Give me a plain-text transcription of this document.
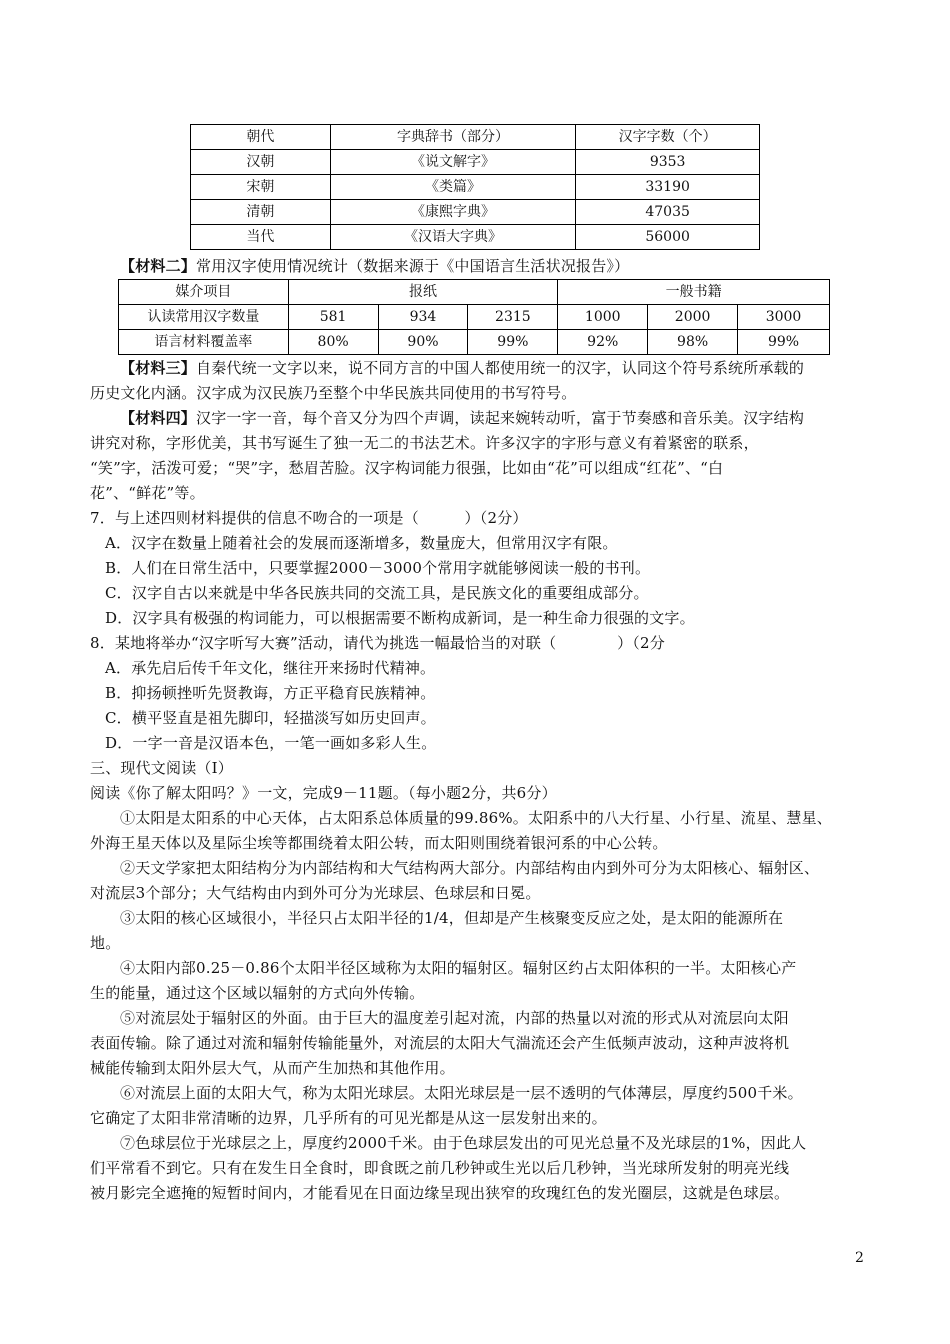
朝代	字典辞书（部分）	汉字字数（个）
汉朝	《说文解字》	9353
宋朝	《类篇》	33190
清朝	《康熙字典》	47035
当代	《汉语大字典》	56000
【材料二】常用汉字使用情况统计（数据来源于《中国语言生活状况报告》）
媒介项目	报纸			一般书籍		
认读常用汉字数量	581	934	2315	1000	2000	3000
语言材料覆盖率	80%	90%	99%	92%	98%	99%
【材料三】自秦代统一文字以来，说不同方言的中国人都使用统一的汉字，认同这个符号系统所承载的
历史文化内涵。汉字成为汉民族乃至整个中华民族共同使用的书写符号。
【材料四】汉字一字一音，每个音又分为四个声调，读起来婉转动听，富于节奏感和音乐美。汉字结构
讲究对称，字形优美，其书写诞生了独一无二的书法艺术。许多汉字的字形与意义有着紧密的联系，
“笑”字，活泼可爱；“哭”字，愁眉苦脸。汉字构词能力很强，比如由“花”可以组成“红花”、“白
花”、“鲜花”等。
7．与上述四则材料提供的信息不吻合的一项是（　　　）（2分）
A．汉字在数量上随着社会的发展而逐渐增多，数量庞大，但常用汉字有限。
B．人们在日常生活中，只要掌握2000－3000个常用字就能够阅读一般的书刊。
C．汉字自古以来就是中华各民族共同的交流工具，是民族文化的重要组成部分。
D．汉字具有极强的构词能力，可以根据需要不断构成新词，是一种生命力很强的文字。
8．某地将举办“汉字听写大赛”活动，请代为挑选一幅最恰当的对联（　　　　）（2分
A．承先启后传千年文化，继往开来扬时代精神。
B．抑扬顿挫听先贤教诲，方正平稳育民族精神。
C．横平竖直是祖先脚印，轻描淡写如历史回声。
D．一字一音是汉语本色，一笔一画如多彩人生。
三、现代文阅读（Ⅰ）
阅读《你了解太阳吗？》一文，完成9－11题。（每小题2分，共6分）
①太阳是太阳系的中心天体，占太阳系总体质量的99.86%。太阳系中的八大行星、小行星、流星、慧星、
外海王星天体以及星际尘埃等都围绕着太阳公转，而太阳则围绕着银河系的中心公转。
②天文学家把太阳结构分为内部结构和大气结构两大部分。内部结构由内到外可分为太阳核心、辐射区、
对流层3个部分；大气结构由内到外可分为光球层、色球层和日冕。
③太阳的核心区域很小，半径只占太阳半径的1/4，但却是产生核聚变反应之处，是太阳的能源所在
地。
④太阳内部0.25－0.86个太阳半径区域称为太阳的辐射区。辐射区约占太阳体积的一半。太阳核心产
生的能量，通过这个区域以辐射的方式向外传输。
⑤对流层处于辐射区的外面。由于巨大的温度差引起对流，内部的热量以对流的形式从对流层向太阳
表面传输。除了通过对流和辐射传输能量外，对流层的太阳大气湍流还会产生低频声波动，这种声波将机
械能传输到太阳外层大气，从而产生加热和其他作用。
⑥对流层上面的太阳大气，称为太阳光球层。太阳光球层是一层不透明的气体薄层，厚度约500千米。
它确定了太阳非常清晰的边界，几乎所有的可见光都是从这一层发射出来的。
⑦色球层位于光球层之上，厚度约2000千米。由于色球层发出的可见光总量不及光球层的1%，因此人
们平常看不到它。只有在发生日全食时，即食既之前几秒钟或生光以后几秒钟，当光球所发射的明亮光线
被月影完全遮掩的短暂时间内，才能看见在日面边缘呈现出狭窄的玫瑰红色的发光圈层，这就是色球层。
2
